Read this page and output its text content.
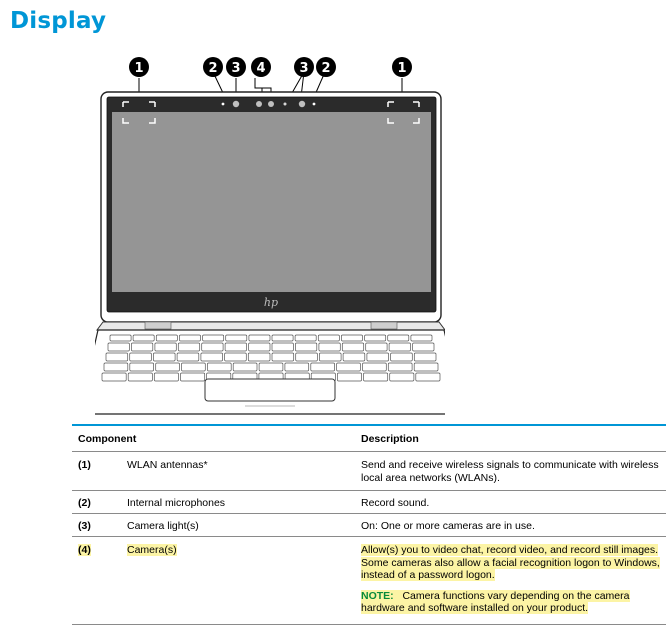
Display
1	2 3 4	3 2	1
hp
Component	Description
(1)	WLAN antennas*	Send and receive wireless signals to communicate with wireless local area networks (WLANs).
(2)	Internal microphones	Record sound.
(3)	Camera light(s)	On: One or more cameras are in use.
(4)	Camera(s)	Allow(s) you to video chat, record video, and record still images. Some cameras also allow a facial recognition logon to Windows, instead of a password logon.
NOTE: Camera functions vary depending on the camera hardware and software installed on your product.
